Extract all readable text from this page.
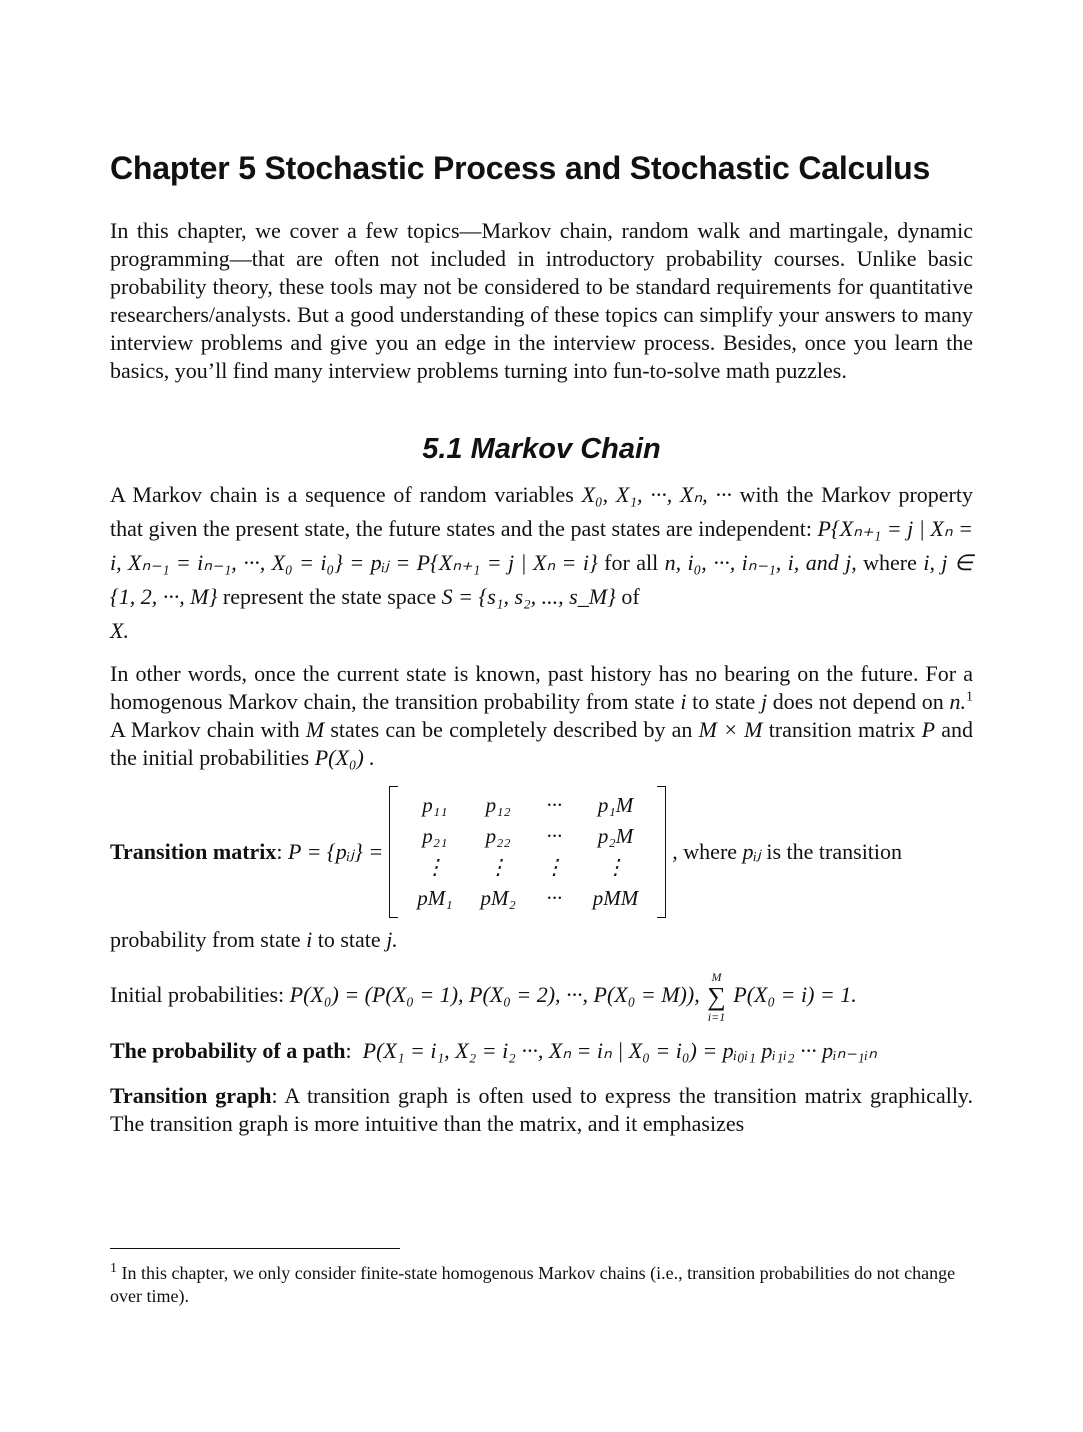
Chapter 5 Stochastic Process and Stochastic Calculus

In this chapter, we cover a few topics—Markov chain, random walk and martingale, dynamic programming—that are often not included in introductory probability courses. Unlike basic probability theory, these tools may not be considered to be standard requirements for quantitative researchers/analysts. But a good understanding of these topics can simplify your answers to many interview problems and give you an edge in the interview process. Besides, once you learn the basics, you’ll find many interview problems turning into fun-to-solve math puzzles.

5.1 Markov Chain

A Markov chain is a sequence of random variables X₀, X₁, ···, Xₙ, ··· with the Markov property that given the present state, the future states and the past states are independent: P{Xₙ₊₁ = j | Xₙ = i, Xₙ₋₁ = iₙ₋₁, ···, X₀ = i₀} = pᵢⱼ = P{Xₙ₊₁ = j | Xₙ = i} for all n, i₀, ···, iₙ₋₁, i, and j, where i, j ∈ {1, 2, ···, M} represent the state space S = {s₁, s₂, ..., s_M} of
X.

In other words, once the current state is known, past history has no bearing on the future. For a homogenous Markov chain, the transition probability from state i to state j does not depend on n.$^1$ A Markov chain with M states can be completely described by an M × M transition matrix P and the initial probabilities P(X₀) .

Transition matrix : P = {pᵢⱼ} =
p₁₁	p₁₂	···	p₁M
p₂₁	p₂₂	···	p₂M
⋮	⋮	⋮	⋮
pM₁	pM₂	···	pMM
, where
pᵢⱼ
is the transition

probability from state i to state j.

Initial probabilities: P(X₀) = (P(X₀ = 1), P(X₀ = 2), ···, P(X₀ = M)),
M
∑
i=1
P(X₀ = i) = 1.

The probability of a path:  P(X₁ = i₁, X₂ = i₂ ···, Xₙ = iₙ | X₀ = i₀) = pᵢ₀ᵢ₁ pᵢ₁ᵢ₂ ··· pᵢₙ₋₁ᵢₙ

Transition graph: A transition graph is often used to express the transition matrix graphically. The transition graph is more intuitive than the matrix, and it emphasizes

$^1$ In this chapter, we only consider finite-state homogenous Markov chains (i.e., transition probabilities do not change over time).
